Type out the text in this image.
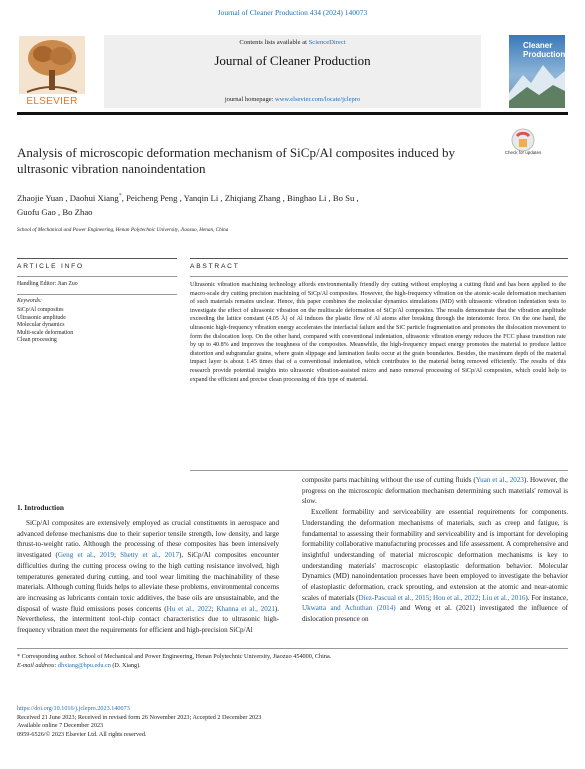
Journal of Cleaner Production 434 (2024) 140073
ELSEVIER
Contents lists available at ScienceDirect
Journal of Cleaner Production
journal homepage: www.elsevier.com/locate/jclepro
Cleaner Production
Check for updates
Analysis of microscopic deformation mechanism of SiCp/Al composites induced by ultrasonic vibration nanoindentation
Zhaojie Yuan , Daohui Xiang*, Peicheng Peng , Yanqin Li , Zhiqiang Zhang , Binghao Li , Bo Su ,
Guofu Gao , Bo Zhao
School of Mechanical and Power Engineering, Henan Polytechnic University, Jiaozuo, Henan, China
ARTICLE INFO	ABSTRACT
Handling Editor: Jian Zuo
Keywords:
SiCp/Al composites
Ultrasonic amplitude
Molecular dynamics
Multi-scale deformation
Clean processing
Ultrasonic vibration machining technology affords environmentally friendly dry cutting without employing a cutting fluid and has been applied to the macro-scale dry cutting precision machining of SiCp/Al composites. However, the high-frequency vibration on the atomic-scale deformation mechanism of such materials remains unclear. Hence, this paper combines the molecular dynamics simulations (MD) with ultrasonic vibration indentation tests to investigate the effect of ultrasonic vibration on the multiscale deformation of SiCp/Al composites. The results demonstrate that the vibration amplitude exceeding the lattice constant (4.05 Å) of Al induces the plastic flow of Al atoms after breaking through the interatomic force. On the one hand, the ultrasonic high-frequency vibration energy accelerates the interfacial failure and the SiC particle fragmentation and promotes the dislocation movement to form the dislocation loop. On the other hand, compared with conventional indentation, ultrasonic vibration energy reduces the FCC phase transition rate by up to 40.8% and improves the toughness of the composites. Meanwhile, the high-frequency impact energy promotes the material to produce lattice distortion and subgranular grains, where grain slippage and lamination faults occur at the grain boundaries. Besides, the maximum depth of the material impact layer is about 1.45 times that of a conventional indentation, which contributes to the material being removed efficiently. The results of this research provide potential insights into ultrasonic vibration-assisted micro and nano removal processing of SiCp/Al composites, which could help to expand the efficient and precise clean processing of this type of material.
1. Introduction

SiCp/Al composites are extensively employed as crucial constituents in aerospace and advanced defense mechanisms due to their superior tensile strength, low density, and large thrust-to-weight ratio. Although the processing of these composites has been intensively investigated (Geng et al., 2019; Shetty et al., 2017), SiCp/Al composites encounter difficulties during the cutting process owing to the high cutting resistance involved, high temperatures generated during cutting, and tool wear limiting the machinability of these materials. Although cutting fluids helps to alleviate these problems, environmental concerns are increasing as lubricants contain toxic additives, the base oils are unsustainable, and the disposal of waste fluid emissions poses concerns (Hu et al., 2022; Khanna et al., 2021). Nevertheless, the intermittent tool-chip contact characteristics due to ultrasonic high-frequency vibration meet the requirements for efficient and high-precision SiCp/Al

composite parts machining without the use of cutting fluids (Yuan et al., 2023). However, the progress on the microscopic deformation mechanism determining such materials' removal is slow.

Excellent formability and serviceability are essential requirements for components. Understanding the deformation mechanisms of materials, such as creep and fatigue, is fundamental to assessing their formability and serviceability and is important for developing formability collaborative manufacturing processes and life assessment. A comprehensive and insightful understanding of material microscopic deformation mechanisms is key to understanding materials' macroscopic elastoplastic deformation behavior. Molecular Dynamics (MD) nanoindentation processes have been employed to investigate the behavior of elastoplastic deformation, crack sprouting, and extension at the atomic and near-atomic scales of materials (Díez-Pascual et al., 2015; Hou et al., 2022; Liu et al., 2016). For instance, Ukwatta and Achuthan (2014) and Weng et al. (2021) investigated the influence of dislocation presence on

* Corresponding author. School of Mechanical and Power Engineering, Henan Polytechnic University, Jiaozuo 454000, China.
E-mail address: dhxiang@hpu.edu.cn (D. Xiang).
https://doi.org/10.1016/j.jclepro.2023.140073
Received 21 June 2023; Received in revised form 26 November 2023; Accepted 2 December 2023
Available online 7 December 2023
0959-6526/© 2023 Elsevier Ltd. All rights reserved.
